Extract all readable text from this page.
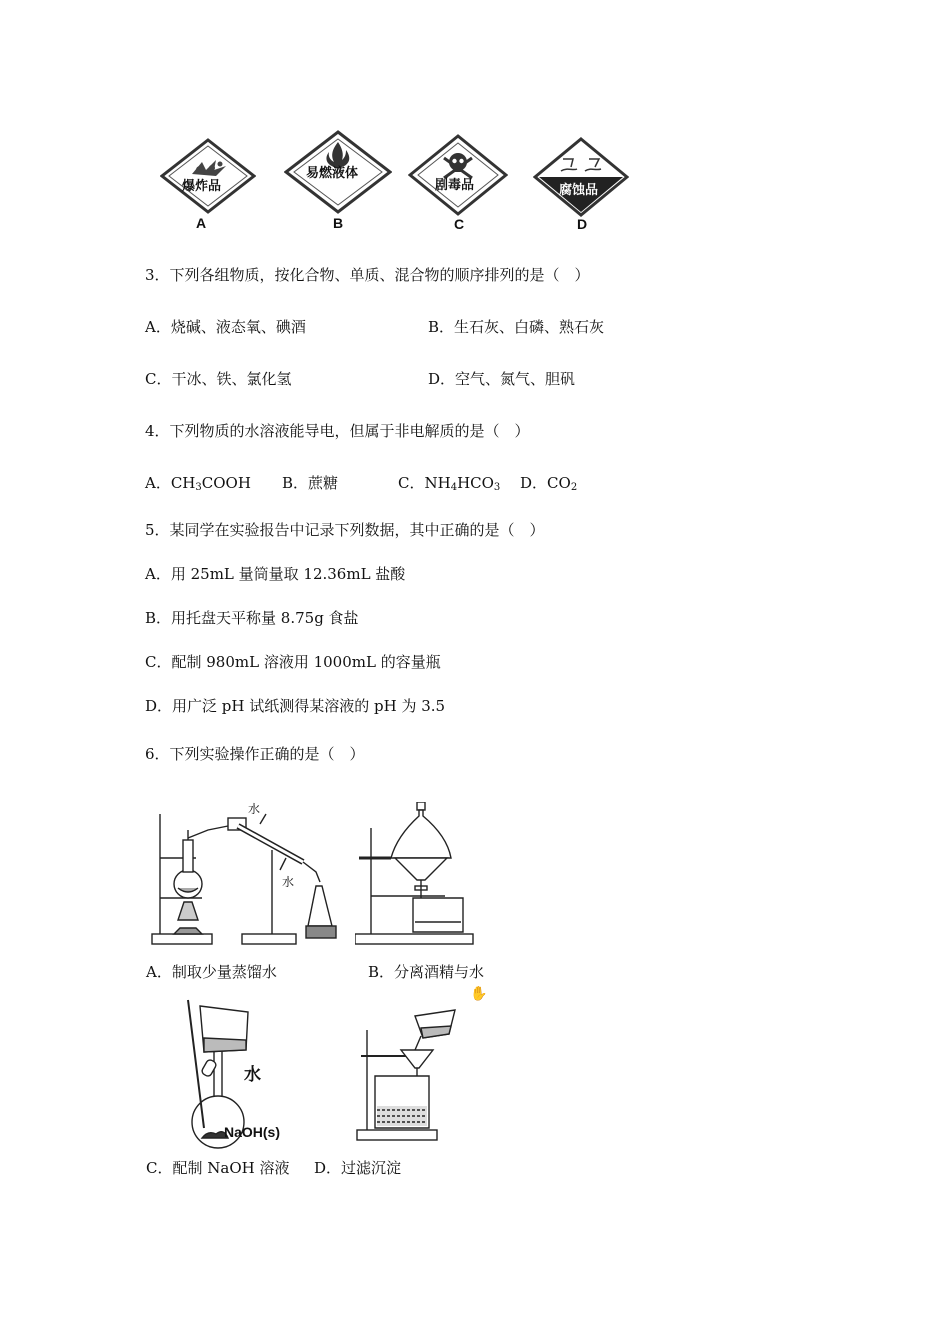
爆炸品
A
易燃液体
B
剧毒品
C
腐蚀品
D
3．下列各组物质，按化合物、单质、混合物的顺序排列的是（　）
A．烧碱、液态氧、碘酒	B．生石灰、白磷、熟石灰
C．干冰、铁、氯化氢	D．空气、氮气、胆矾
4．下列物质的水溶液能导电，但属于非电解质的是（　）
A．$CH_3COOH$ B．蔗糖	C．$NH_4HCO_3$ D．$CO_2$
5．某同学在实验报告中记录下列数据，其中正确的是（　）
A．用 25mL 量筒量取 12.36mL 盐酸
B．用托盘天平称量 8.75g 食盐
C．配制 980mL 溶液用 1000mL 的容量瓶
D．用广泛 pH 试纸测得某溶液的 pH 为 3.5
6．下列实验操作正确的是（　）
水
水
A．制取少量蒸馏水	B．分离酒精与水
✋
水
NaOH(s)
C．配制 NaOH 溶液 D．过滤沉淀
